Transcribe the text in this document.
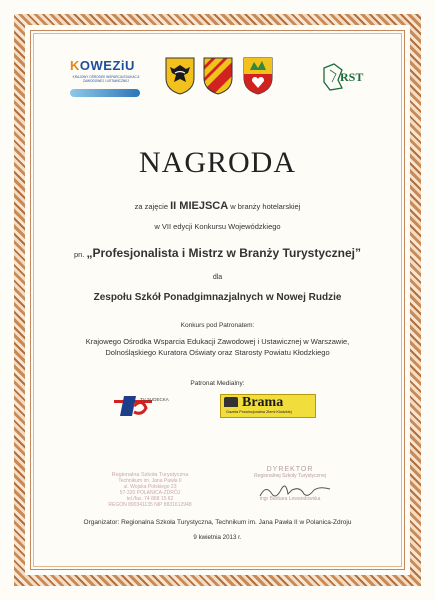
KOWEZiU
KRAJOWY OŚRODEK WSPARCIA EDUKACJI ZAWODOWEJ I USTAWICZNEJ	RST
NAGRODA
za zajęcie II MIEJSCA w branży hotelarskiej
w VII edycji Konkursu Wojewódzkiego
pn. „Profesjonalista i Mistrz w Branży Turystycznej”
dla
Zespołu Szkół Ponadgimnazjalnych w Nowej Rudzie
Konkurs pod Patronatem:
Krajowego Ośrodka Wsparcia Edukacji Zawodowej i Ustawicznej w Warszawie,
Dolnośląskiego Kuratora Oświaty oraz Starosty Powiatu Kłodzkiego
Patronat Medialny:
TV SUDECKA	Brama
Gazeta Prowincjonalna Ziemi Kłodzkiej
Regionalna Szkoła Turystyczna
Technikum im. Jana Pawła II
ul. Wojska Polskiego 23
57-320 POLANICA-ZDRÓJ
tel./fax. 74 868 15 62
REGON 890341135 NIP 8831612948
DYREKTOR
Regionalnej Szkoły Turystycznej
mgr Barbara Lewandowska
Organizator: Regionalna Szkoła Turystyczna, Technikum im. Jana Pawła II w Polanica-Zdroju
9 kwietnia 2013 r.
